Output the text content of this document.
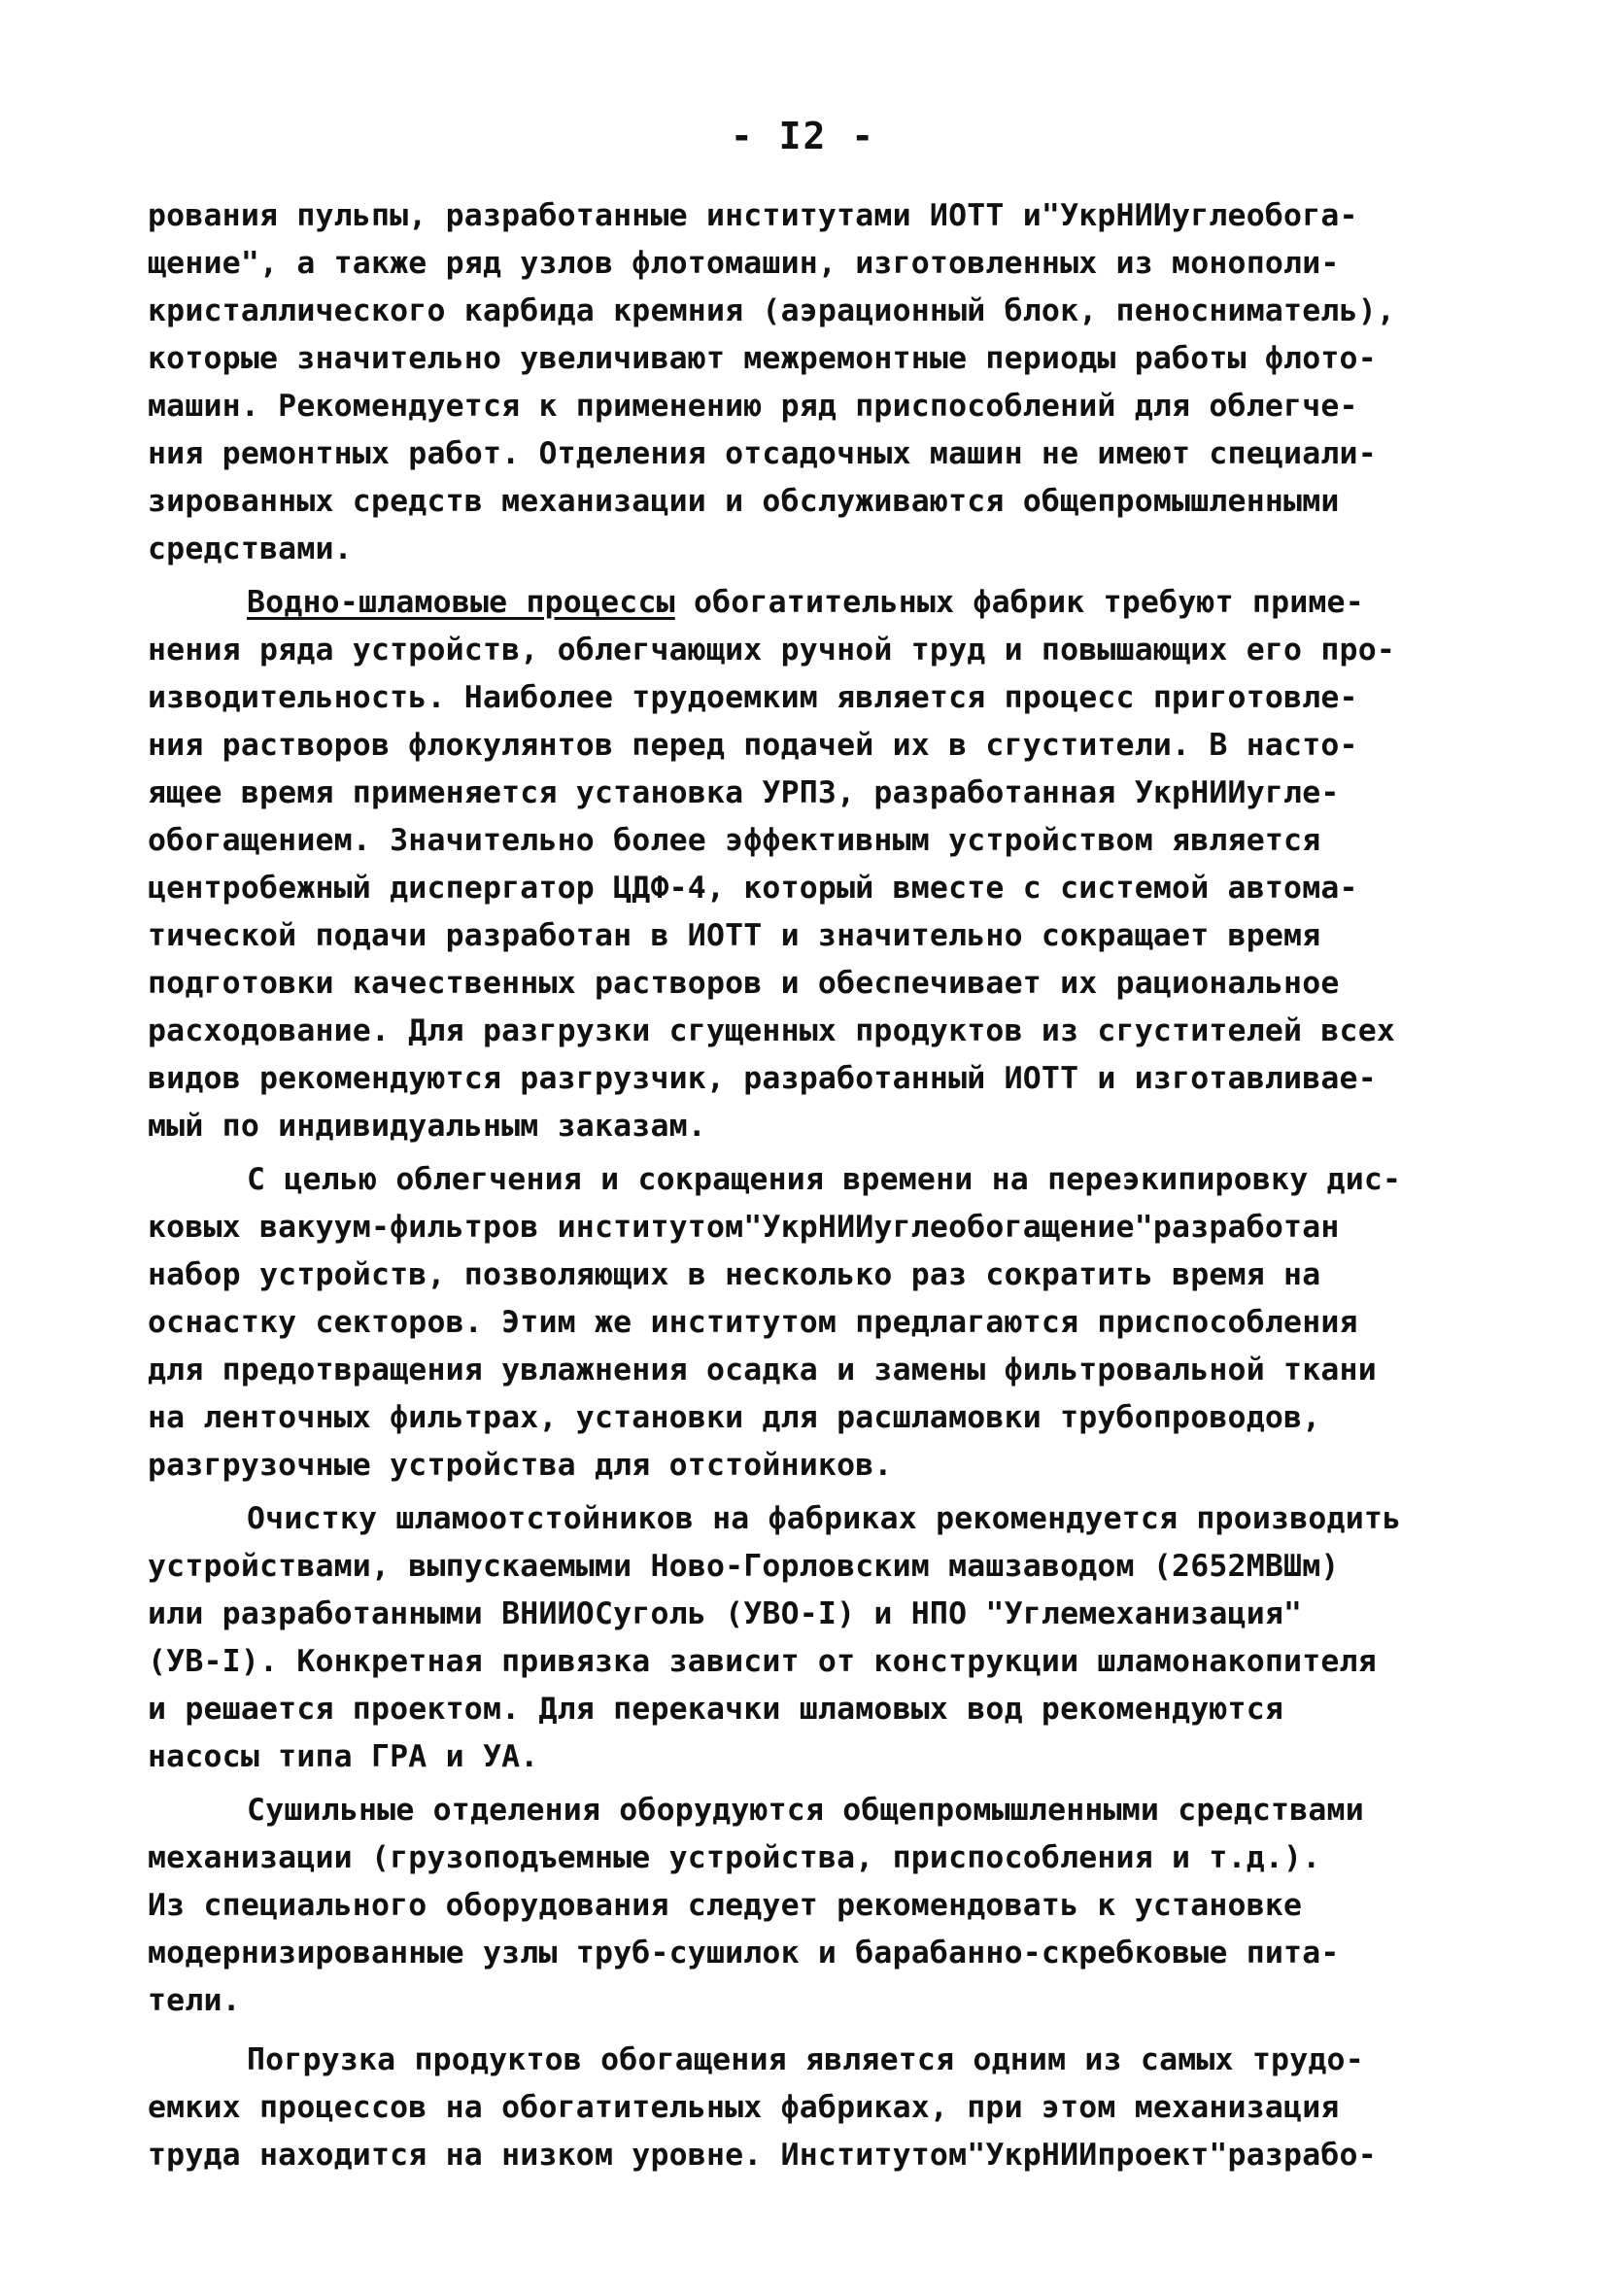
- I2 -
рования пульпы, разработанные институтами ИОТТ и"УкрНИИуглеобога-
щение", а также ряд узлов флотомашин, изготовленных из монополи-
кристаллического карбида кремния (аэрационный блок, пеносниматель),
которые значительно увеличивают межремонтные периоды работы флото-
машин. Рекомендуется к применению ряд приспособлений для облегче-
ния ремонтных работ. Отделения отсадочных машин не имеют специали-
зированных средств механизации и обслуживаются общепромышленными
средствами.
Водно-шламовые процессы обогатительных фабрик требуют приме-
нения ряда устройств, облегчающих ручной труд и повышающих его про-
изводительность. Наиболее трудоемким является процесс приготовле-
ния растворов флокулянтов перед подачей их в сгустители. В насто-
ящее время применяется установка УРПЗ, разработанная УкрНИИугле-
обогащением. Значительно более эффективным устройством является
центробежный диспергатор ЦДФ-4, который вместе с системой автома-
тической подачи разработан в ИОТТ и значительно сокращает время
подготовки качественных растворов и обеспечивает их рациональное
расходование. Для разгрузки сгущенных продуктов из сгустителей всех
видов рекомендуются разгрузчик, разработанный ИОТТ и изготавливае-
мый по индивидуальным заказам.
С целью облегчения и сокращения времени на переэкипировку дис-
ковых вакуум-фильтров институтом"УкрНИИуглеобогащение"разработан
набор устройств, позволяющих в несколько раз сократить время на
оснастку секторов. Этим же институтом предлагаются приспособления
для предотвращения увлажнения осадка и замены фильтровальной ткани
на ленточных фильтрах, установки для расшламовки трубопроводов,
разгрузочные устройства для отстойников.
Очистку шламоотстойников на фабриках рекомендуется производить
устройствами, выпускаемыми Ново-Горловским машзаводом (2652МВШм)
или разработанными ВНИИОСуголь (УВО-I) и НПО "Углемеханизация"
(УВ-I). Конкретная привязка зависит от конструкции шламонакопителя
и решается проектом. Для перекачки шламовых вод рекомендуются
насосы типа ГРА и УА.
Сушильные отделения оборудуются общепромышленными средствами
механизации (грузоподъемные устройства, приспособления и т.д.).
Из специального оборудования следует рекомендовать к установке
модернизированные узлы труб-сушилок и барабанно-скребковые пита-
тели.
Погрузка продуктов обогащения является одним из самых трудо-
емких процессов на обогатительных фабриках, при этом механизация
труда находится на низком уровне. Институтом"УкрНИИпроект"разрабо-
